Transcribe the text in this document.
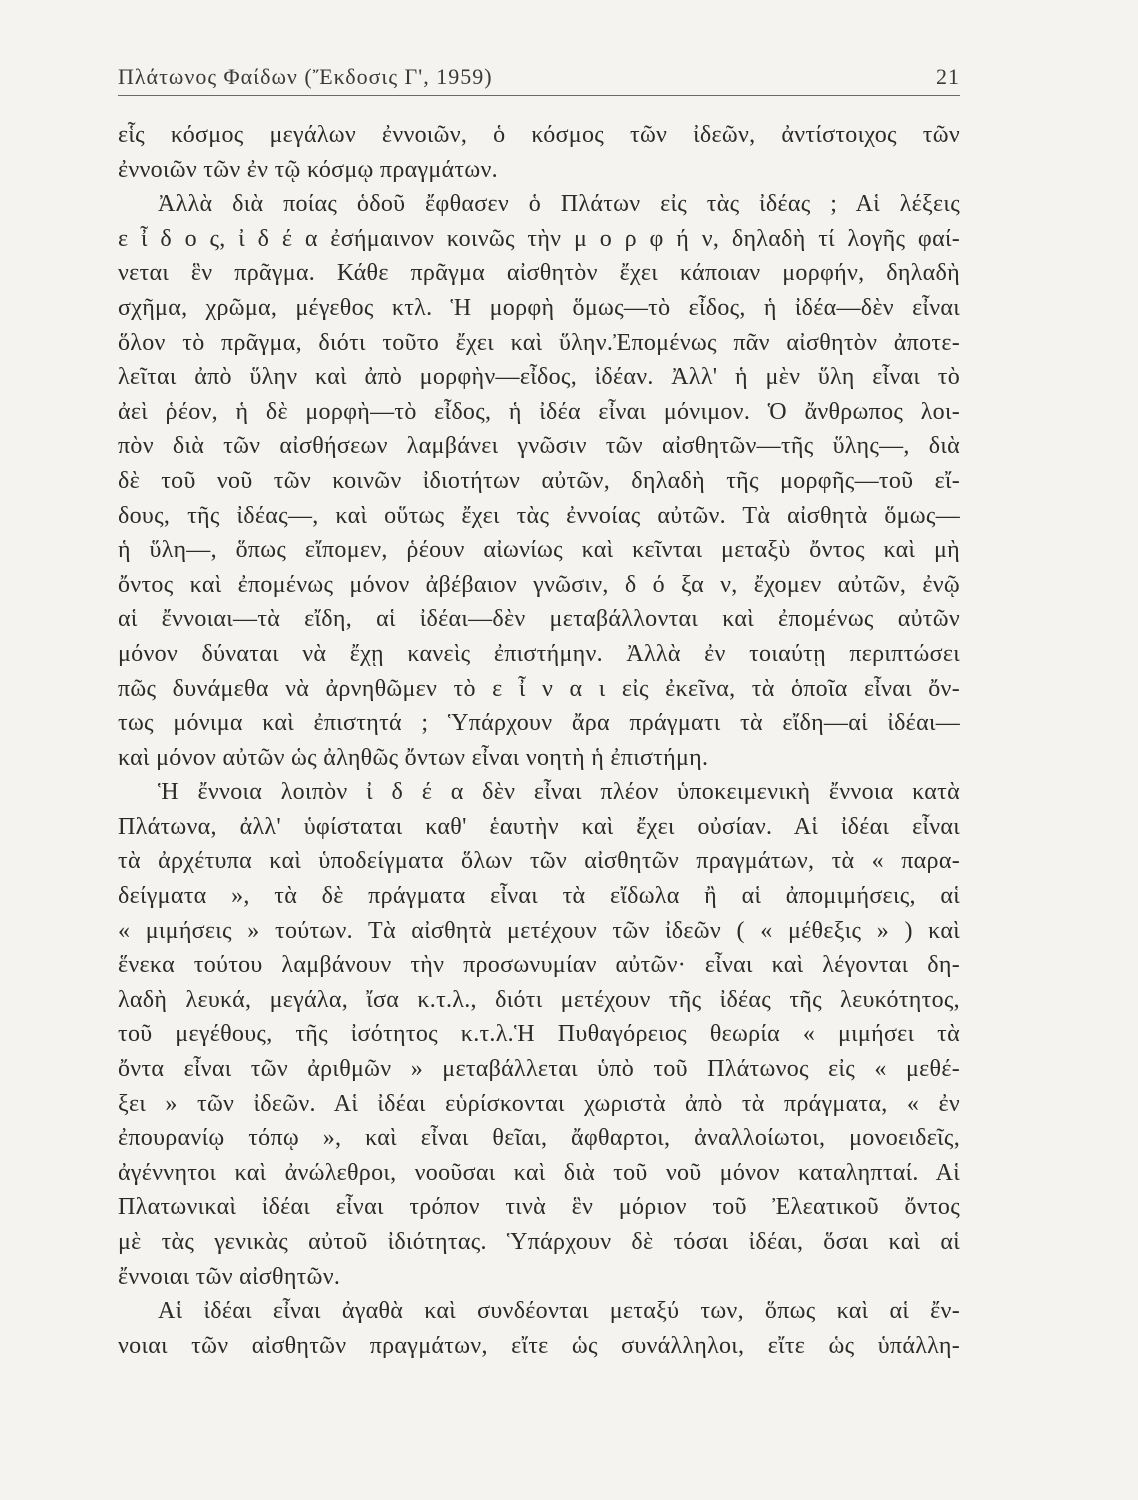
Πλάτωνος Φαίδων (Ἔκδοσις Γ', 1959)	21
εἷς κόσμος μεγάλων ἐννοιῶν, ὁ κόσμος τῶν ἰδεῶν, ἀντίστοιχος τῶν
ἐννοιῶν τῶν ἐν τῷ κόσμῳ πραγμάτων.
Ἀλλὰ διὰ ποίας ὁδοῦ ἔφθασεν ὁ Πλάτων εἰς τὰς ἰδέας ; Αἱ λέξεις
ε ἶ δ ο ς, ἰ δ έ α ἐσήμαινον κοινῶς τὴν μ ο ρ φ ή ν, δηλαδὴ τί λογῆς φαί-
νεται ἓν πρᾶγμα. Κάθε πρᾶγμα αἰσθητὸν ἔχει κάποιαν μορφήν, δηλαδὴ
σχῆμα, χρῶμα, μέγεθος κτλ. Ἡ μορφὴ ὅμως—τὸ εἶδος, ἡ ἰδέα—δὲν εἶναι
ὅλον τὸ πρᾶγμα, διότι τοῦτο ἔχει καὶ ὕλην.Ἐπομένως πᾶν αἰσθητὸν ἀποτε-
λεῖται ἀπὸ ὕλην καὶ ἀπὸ μορφὴν—εἶδος, ἰδέαν. Ἀλλ' ἡ μὲν ὕλη εἶναι τὸ
ἀεὶ ῥέον, ἡ δὲ μορφὴ—τὸ εἶδος, ἡ ἰδέα εἶναι μόνιμον. Ὁ ἄνθρωπος λοι-
πὸν διὰ τῶν αἰσθήσεων λαμβάνει γνῶσιν τῶν αἰσθητῶν—τῆς ὕλης—, διὰ
δὲ τοῦ νοῦ τῶν κοινῶν ἰδιοτήτων αὐτῶν, δηλαδὴ τῆς μορφῆς—τοῦ εἴ-
δους, τῆς ἰδέας—, καὶ οὕτως ἔχει τὰς ἐννοίας αὐτῶν. Τὰ αἰσθητὰ ὅμως—
ἡ ὕλη—, ὅπως εἴπομεν, ῥέουν αἰωνίως καὶ κεῖνται μεταξὺ ὄντος καὶ μὴ
ὄντος καὶ ἐπομένως μόνον ἀβέβαιον γνῶσιν, δ ό ξα ν, ἔχομεν αὐτῶν, ἐνῷ
αἱ ἔννοιαι—τὰ εἴδη, αἱ ἰδέαι—δὲν μεταβάλλονται καὶ ἐπομένως αὐτῶν
μόνον δύναται νὰ ἔχῃ κανεὶς ἐπιστήμην. Ἀλλὰ ἐν τοιαύτῃ περιπτώσει
πῶς δυνάμεθα νὰ ἀρνηθῶμεν τὸ ε ἶ ν α ι εἰς ἐκεῖνα, τὰ ὁποῖα εἶναι ὄν-
τως μόνιμα καὶ ἐπιστητά ; Ὑπάρχουν ἄρα πράγματι τὰ εἴδη—αἱ ἰδέαι—
καὶ μόνον αὐτῶν ὡς ἀληθῶς ὄντων εἶναι νοητὴ ἡ ἐπιστήμη.
Ἡ ἔννοια λοιπὸν ἰ δ έ α δὲν εἶναι πλέον ὑποκειμενικὴ ἔννοια κατὰ
Πλάτωνα, ἀλλ' ὑφίσταται καθ' ἑαυτὴν καὶ ἔχει οὐσίαν. Αἱ ἰδέαι εἶναι
τὰ ἀρχέτυπα καὶ ὑποδείγματα ὅλων τῶν αἰσθητῶν πραγμάτων, τὰ « παρα-
δείγματα », τὰ δὲ πράγματα εἶναι τὰ εἴδωλα ἢ αἱ ἀπομιμήσεις, αἱ
« μιμήσεις » τούτων. Τὰ αἰσθητὰ μετέχουν τῶν ἰδεῶν ( « μέθεξις » ) καὶ
ἕνεκα τούτου λαμβάνουν τὴν προσωνυμίαν αὐτῶν· εἶναι καὶ λέγονται δη-
λαδὴ λευκά, μεγάλα, ἴσα κ.τ.λ., διότι μετέχουν τῆς ἰδέας τῆς λευκότητος,
τοῦ μεγέθους, τῆς ἰσότητος κ.τ.λ.Ἡ Πυθαγόρειος θεωρία « μιμήσει τὰ
ὄντα εἶναι τῶν ἀριθμῶν » μεταβάλλεται ὑπὸ τοῦ Πλάτωνος εἰς « μεθέ-
ξει » τῶν ἰδεῶν. Αἱ ἰδέαι εὑρίσκονται χωριστὰ ἀπὸ τὰ πράγματα, « ἐν
ἐπουρανίῳ τόπῳ », καὶ εἶναι θεῖαι, ἄφθαρτοι, ἀναλλοίωτοι, μονοειδεῖς,
ἀγέννητοι καὶ ἀνώλεθροι, νοοῦσαι καὶ διὰ τοῦ νοῦ μόνον καταληπταί. Αἱ
Πλατωνικαὶ ἰδέαι εἶναι τρόπον τινὰ ἓν μόριον τοῦ Ἐλεατικοῦ ὄντος
μὲ τὰς γενικὰς αὐτοῦ ἰδιότητας. Ὑπάρχουν δὲ τόσαι ἰδέαι, ὅσαι καὶ αἱ
ἔννοιαι τῶν αἰσθητῶν.
Αἱ ἰδέαι εἶναι ἀγαθὰ καὶ συνδέονται μεταξύ των, ὅπως καὶ αἱ ἔν-
νοιαι τῶν αἰσθητῶν πραγμάτων, εἴτε ὡς συνάλληλοι, εἴτε ὡς ὑπάλλη-
